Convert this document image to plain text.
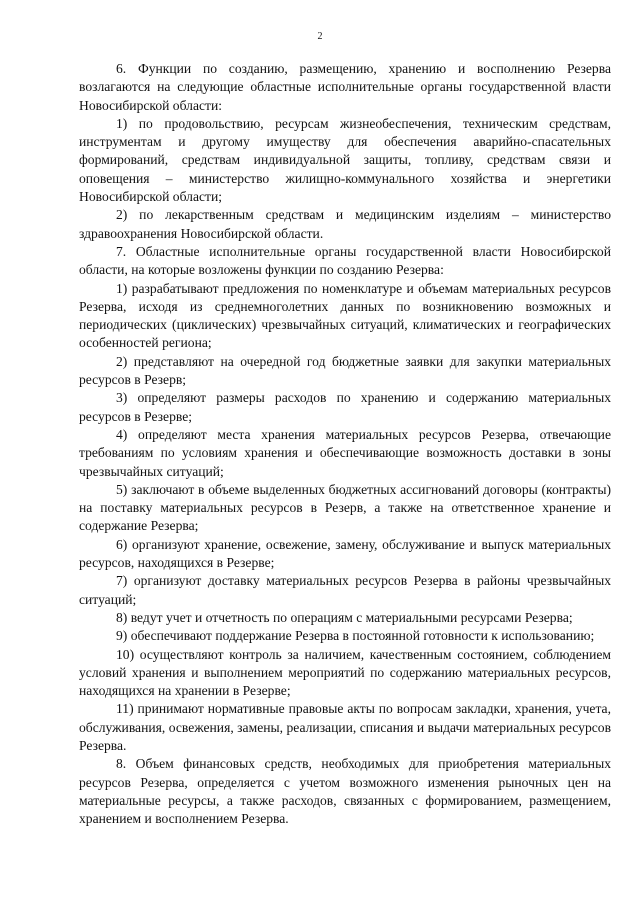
2

6. Функции по созданию, размещению, хранению и восполнению Резерва возлагаются на следующие областные исполнительные органы государственной власти Новосибирской области:

1) по продовольствию, ресурсам жизнеобеспечения, техническим средствам, инструментам и другому имуществу для обеспечения аварийно-спасательных формирований, средствам индивидуальной защиты, топливу, средствам связи и оповещения – министерство жилищно-коммунального хозяйства и энергетики Новосибирской области;

2) по лекарственным средствам и медицинским изделиям – министерство здравоохранения Новосибирской области.

7. Областные исполнительные органы государственной власти Новосибирской области, на которые возложены функции по созданию Резерва:

1) разрабатывают предложения по номенклатуре и объемам материальных ресурсов Резерва, исходя из среднемноголетних данных по возникновению возможных и периодических (циклических) чрезвычайных ситуаций, климатических и географических особенностей региона;

2) представляют на очередной год бюджетные заявки для закупки материальных ресурсов в Резерв;

3) определяют размеры расходов по хранению и содержанию материальных ресурсов в Резерве;

4) определяют места хранения материальных ресурсов Резерва, отвечающие требованиям по условиям хранения и обеспечивающие возможность доставки в зоны чрезвычайных ситуаций;

5) заключают в объеме выделенных бюджетных ассигнований договоры (контракты) на поставку материальных ресурсов в Резерв, а также на ответственное хранение и содержание Резерва;

6) организуют хранение, освежение, замену, обслуживание и выпуск материальных ресурсов, находящихся в Резерве;

7) организуют доставку материальных ресурсов Резерва в районы чрезвычайных ситуаций;

8) ведут учет и отчетность по операциям с материальными ресурсами Резерва;

9) обеспечивают поддержание Резерва в постоянной готовности к использованию;

10) осуществляют контроль за наличием, качественным состоянием, соблюдением условий хранения и выполнением мероприятий по содержанию материальных ресурсов, находящихся на хранении в Резерве;

11) принимают нормативные правовые акты по вопросам закладки, хранения, учета, обслуживания, освежения, замены, реализации, списания и выдачи материальных ресурсов Резерва.

8. Объем финансовых средств, необходимых для приобретения материальных ресурсов Резерва, определяется с учетом возможного изменения рыночных цен на материальные ресурсы, а также расходов, связанных с формированием, размещением, хранением и восполнением Резерва.
